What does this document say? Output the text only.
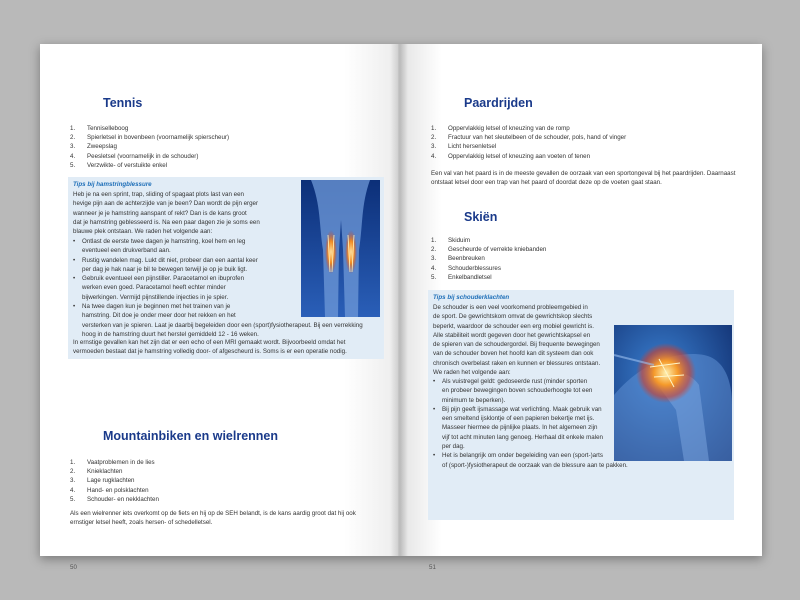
Tennis
1. Tenniselleboog
2. Spierletsel in bovenbeen (voornamelijk spierscheur)
3. Zweepslag
4. Peesletsel (voornamelijk in de schouder)
5. Verzwikte- of verstuikte enkel

Tips bij hamstringblessure

Heb je na een sprint, trap, sliding of spagaat plots last van een
hevige pijn aan de achterzijde van je been? Dan wordt de pijn erger
wanneer je je hamstring aanspant of rekt? Dan is de kans groot
dat je hamstring geblesseerd is. Na een paar dagen zie je soms een
blauwe plek ontstaan. We raden het volgende aan:

• Ontlast de eerste twee dagen je hamstring, koel hem en leg
eventueel een drukverband aan.
• Rustig wandelen mag. Lukt dit niet, probeer dan een aantal keer
per dag je hak naar je bil te bewegen terwijl je op je buik ligt.
• Gebruik eventueel een pijnstiller. Paracetamol en ibuprofen
werken even goed. Paracetamol heeft echter minder
bijwerkingen. Vermijd pijnstillende injecties in je spier.
• Na twee dagen kun je beginnen met het trainen van je
hamstring. Dit doe je onder meer door het rekken en het
versterken van je spieren. Laat je daarbij begeleiden door een (sport)fysiotherapeut. Bij een verrekking
hoog in de hamstring duurt het herstel gemiddeld 12 - 16 weken.

In ernstige gevallen kan het zijn dat er een echo of een MRI gemaakt wordt. Bijvoorbeeld omdat het
vermoeden bestaat dat je hamstring volledig door- of afgescheurd is. Soms is er een operatie nodig.

Mountainbiken en wielrennen
1. Vaatproblemen in de lies
2. Knieklachten
3. Lage rugklachten
4. Hand- en polsklachten
5. Schouder- en nekklachten

Als een wielrenner iets overkomt op de fiets en hij op de SEH belandt, is de kans aardig groot dat hij ook
ernstiger letsel heeft, zoals hersen- of schedelletsel.

50
Paardrijden
1. Oppervlakkig letsel of kneuzing van de romp
2. Fractuur van het sleutelbeen of de schouder, pols, hand of vinger
3. Licht hersenletsel
4. Oppervlakkig letsel of kneuzing aan voeten of tenen

Een val van het paard is in de meeste gevallen de oorzaak van een sportongeval bij het paardrijden. Daarnaast
ontstaat letsel door een trap van het paard of doordat deze op de voeten gaat staan.

Skiën
1. Skiduim
2. Gescheurde of verrekte kniebanden
3. Beenbreuken
4. Schouderblessures
5. Enkelbandletsel

Tips bij schouderklachten

De schouder is een veel voorkomend probleemgebied in
de sport. De gewrichtskom omvat de gewrichtskop slechts
beperkt, waardoor de schouder een erg mobiel gewricht is.
Alle stabiliteit wordt gegeven door het gewrichtskapsel en
de spieren van de schoudergordel. Bij frequente bewegingen
van de schouder boven het hoofd kan dit systeem dan ook
chronisch overbelast raken en kunnen er blessures ontstaan.
We raden het volgende aan:

• Als vuistregel geldt: gedoseerde rust (minder sporten
en probeer bewegingen boven schouderhoogte tot een
minimum te beperken).
• Bij pijn geeft ijsmassage wat verlichting. Maak gebruik van
een smeltend ijsklontje of een papieren bekertje met ijs.
Masseer hiermee de pijnlijke plaats. In het algemeen zijn
vijf tot acht minuten lang genoeg. Herhaal dit enkele malen
per dag.
• Het is belangrijk om onder begeleiding van een (sport-)arts
of (sport-)fysiotherapeut de oorzaak van de blessure aan te pakken.
51
